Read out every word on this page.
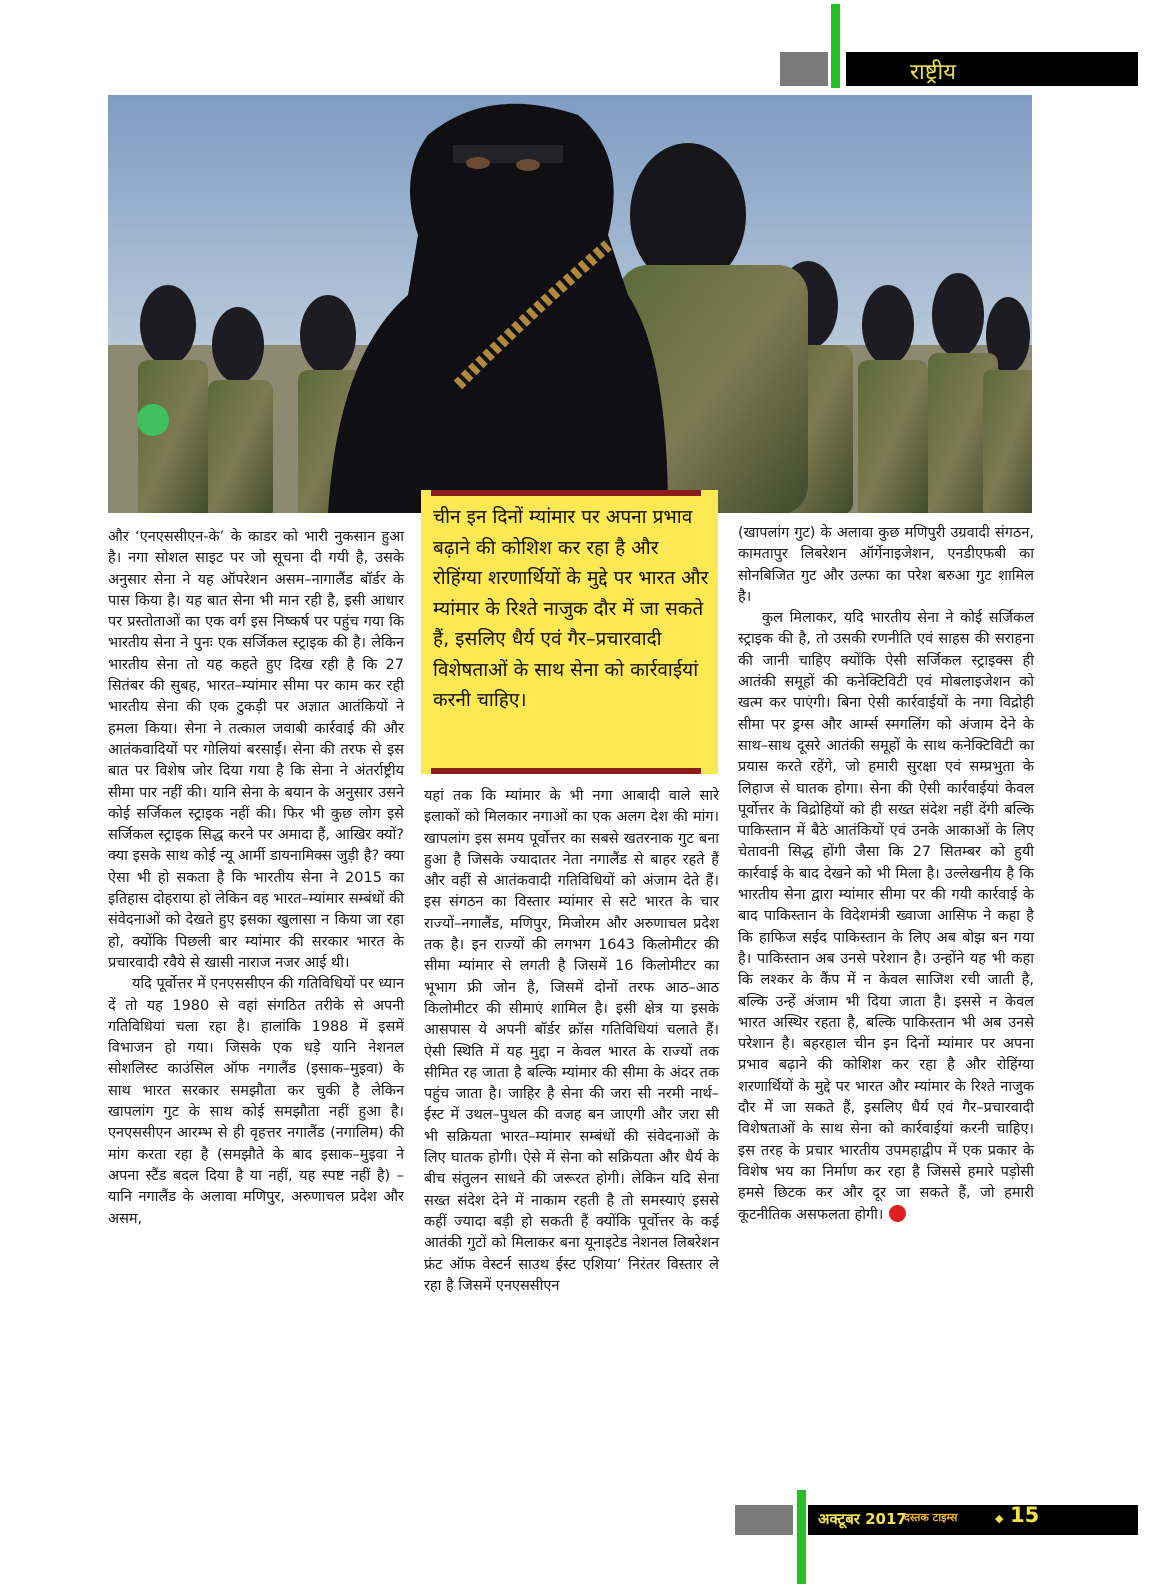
राष्ट्रीय
चीन इन दिनों म्यांमार पर अपना प्रभाव बढ़ाने की कोशिश कर रहा है और रोहिंग्या शरणार्थियों के मुद्दे पर भारत और म्यांमार के रिश्ते नाजुक दौर में जा सकते हैं, इसलिए धैर्य एवं गैर–प्रचारवादी विशेषताओं के साथ सेना को कार्रवाईयां करनी चाहिए।

और ‘एनएससीएन-के’ के काडर को भारी नुकसान हुआ है। नगा सोशल साइट पर जो सूचना दी गयी है, उसके अनुसार सेना ने यह ऑपरेशन असम–नागालैंड बॉर्डर के पास किया है। यह बात सेना भी मान रही है, इसी आधार पर प्रस्तोताओं का एक वर्ग इस निष्कर्ष पर पहुंच गया कि भारतीय सेना ने पुनः एक सर्जिकल स्ट्राइक की है। लेकिन भारतीय सेना तो यह कहते हुए दिख रही है कि 27 सितंबर की सुबह, भारत–म्यांमार सीमा पर काम कर रही भारतीय सेना की एक टुकड़ी पर अज्ञात आतंकियों ने हमला किया। सेना ने तत्काल जवाबी कार्रवाई की और आतंकवादियों पर गोलियां बरसाईं। सेना की तरफ से इस बात पर विशेष जोर दिया गया है कि सेना ने अंतर्राष्ट्रीय सीमा पार नहीं की। यानि सेना के बयान के अनुसार उसने कोई सर्जिकल स्ट्राइक नहीं की। फिर भी कुछ लोग इसे सर्जिकल स्ट्राइक सिद्ध करने पर अमादा हैं, आखिर क्यों? क्या इसके साथ कोई न्यू आर्मी डायनामिक्स जुड़ी है? क्या ऐसा भी हो सकता है कि भारतीय सेना ने 2015 का इतिहास दोहराया हो लेकिन वह भारत–म्यांमार सम्बंधों की संवेदनाओं को देखते हुए इसका खुलासा न किया जा रहा हो, क्योंकि पिछली बार म्यांमार की सरकार भारत के प्रचारवादी रवैये से खासी नाराज नजर आई थी।

यदि पूर्वोत्तर में एनएससीएन की गतिविधियों पर ध्यान दें तो यह 1980 से वहां संगठित तरीके से अपनी गतिविधियां चला रहा है। हालांकि 1988 में इसमें विभाजन हो गया। जिसके एक धड़े यानि नेशनल सोशलिस्ट काउंसिल ऑफ नगालैंड (इसाक–मुइवा) के साथ भारत सरकार समझौता कर चुकी है लेकिन खापलांग गुट के साथ कोई समझौता नहीं हुआ है। एनएससीएन आरम्भ से ही वृहत्तर नगालैंड (नगालिम) की मांग करता रहा है (समझौते के बाद इसाक–मुइवा ने अपना स्टैंड बदल दिया है या नहीं, यह स्पष्ट नहीं है) –यानि नगालैंड के अलावा मणिपुर, अरुणाचल प्रदेश और असम,

यहां तक कि म्यांमार के भी नगा आबादी वाले सारे इलाकों को मिलकार नगाओं का एक अलग देश की मांग। खापलांग इस समय पूर्वोत्तर का सबसे खतरनाक गुट बना हुआ है जिसके ज्यादातर नेता नगालैंड से बाहर रहते हैं और वहीं से आतंकवादी गतिविधियों को अंजाम देते हैं। इस संगठन का विस्तार म्यांमार से सटे भारत के चार राज्यों–नगालैंड, मणिपुर, मिजोरम और अरुणाचल प्रदेश तक है। इन राज्यों की लगभग 1643 किलोमीटर की सीमा म्यांमार से लगती है जिसमें 16 किलोमीटर का भूभाग फ्री जोन है, जिसमें दोनों तरफ आठ–आठ किलोमीटर की सीमाएं शामिल है। इसी क्षेत्र या इसके आसपास ये अपनी बॉर्डर क्रॉस गतिविधियां चलाते हैं। ऐसी स्थिति में यह मुद्दा न केवल भारत के राज्यों तक सीमित रह जाता है बल्कि म्यांमार की सीमा के अंदर तक पहुंच जाता है। जाहिर है सेना की जरा सी नरमी नार्थ–ईस्ट में उथल–पुथल की वजह बन जाएगी और जरा सी भी सक्रियता भारत–म्यांमार सम्बंधों की संवेदनाओं के लिए घातक होगी। ऐसे में सेना को सक्रियता और धैर्य के बीच संतुलन साधने की जरूरत होगी। लेकिन यदि सेना सख्त संदेश देने में नाकाम रहती है तो समस्याएं इससे कहीं ज्यादा बड़ी हो सकती हैं क्योंकि पूर्वोत्तर के कई आतंकी गुटों को मिलाकर बना यूनाइटेड नेशनल लिबरेशन फ्रंट ऑफ वेस्टर्न साउथ ईस्ट एशिया’ निरंतर विस्तार ले रहा है जिसमें एनएससीएन

(खापलांग गुट) के अलावा कुछ मणिपुरी उग्रवादी संगठन, कामतापुर लिबरेशन ऑर्गेनाइजेशन, एनडीएफबी का सोनबिजित गुट और उल्फा का परेश बरुआ गुट शामिल है।

कुल मिलाकर, यदि भारतीय सेना ने कोई सर्जिकल स्ट्राइक की है, तो उसकी रणनीति एवं साहस की सराहना की जानी चाहिए क्योंकि ऐसी सर्जिकल स्ट्राइक्स ही आतंकी समूहों की कनेक्टिविटी एवं मोबलाइजेशन को खत्म कर पाएंगी। बिना ऐसी कार्रवाईयों के नगा विद्रोही सीमा पर ड्रग्स और आर्म्स स्मगलिंग को अंजाम देने के साथ–साथ दूसरे आतंकी समूहों के साथ कनेक्टिविटी का प्रयास करते रहेंगे, जो हमारी सुरक्षा एवं सम्प्रभुता के लिहाज से घातक होगा। सेना की ऐसी कार्रवाईयां केवल पूर्वोत्तर के विद्रोहियों को ही सख्त संदेश नहीं देंगी बल्कि पाकिस्तान में बैठे आतंकियों एवं उनके आकाओं के लिए चेतावनी सिद्ध होंगी जैसा कि 27 सितम्बर को हुयी कार्रवाई के बाद देखने को भी मिला है। उल्लेखनीय है कि भारतीय सेना द्वारा म्यांमार सीमा पर की गयी कार्रवाई के बाद पाकिस्तान के विदेशमंत्री ख्वाजा आसिफ ने कहा है कि हाफिज सईद पाकिस्तान के लिए अब बोझ बन गया है। पाकिस्तान अब उनसे परेशान है। उन्होंने यह भी कहा कि लश्कर के कैंप में न केवल साजिश रची जाती है, बल्कि उन्हें अंजाम भी दिया जाता है। इससे न केवल भारत अस्थिर रहता है, बल्कि पाकिस्तान भी अब उनसे परेशान है। बहरहाल चीन इन दिनों म्यांमार पर अपना प्रभाव बढ़ाने की कोशिश कर रहा है और रोहिंग्या शरणार्थियों के मुद्दे पर भारत और म्यांमार के रिश्ते नाजुक दौर में जा सकते हैं, इसलिए धैर्य एवं गैर–प्रचारवादी विशेषताओं के साथ सेना को कार्रवाईयां करनी चाहिए। इस तरह के प्रचार भारतीय उपमहाद्वीप में एक प्रकार के विशेष भय का निर्माण कर रहा है जिससे हमारे पड़ोसी हमसे छिटक कर और दूर जा सकते हैं, जो हमारी कूटनीतिक असफलता होगी।

अक्टूबर 2017
दस्तक टाइम्स	◆ 15
